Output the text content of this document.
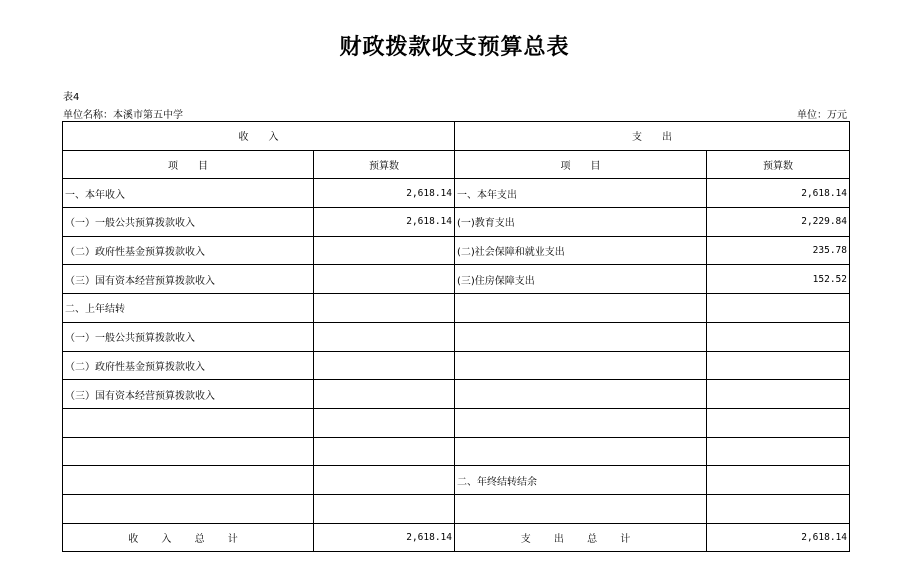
财政拨款收支预算总表
表4
单位名称：本溪市第五中学	单位：万元
收　　入		支　　出	
项　　目	预算数	项　　目	预算数
一、本年收入	2,618.14	一、本年支出	2,618.14
（一）一般公共预算拨款收入	2,618.14	(一)教育支出	2,229.84
（二）政府性基金预算拨款收入		(二)社会保障和就业支出	235.78
（三）国有资本经营预算拨款收入		(三)住房保障支出	152.52
二、上年结转			
（一）一般公共预算拨款收入			
（二）政府性基金预算拨款收入			
（三）国有资本经营预算拨款收入			

		二、年终结转结余	

收 入 总 计	2,618.14	支 出 总 计	2,618.14
